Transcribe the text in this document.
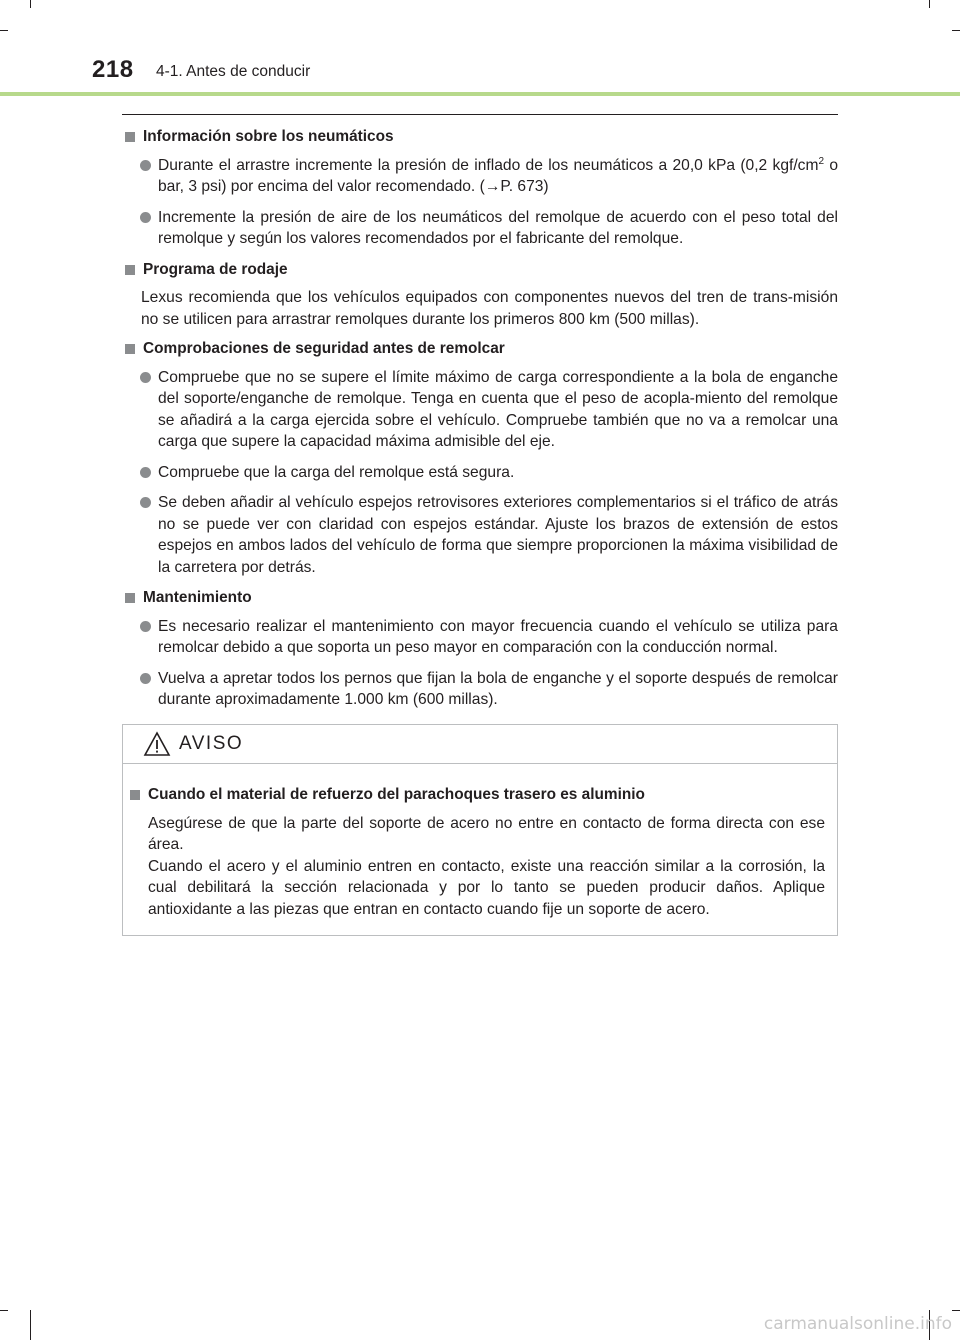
218 4-1. Antes de conducir
Información sobre los neumáticos
Durante el arrastre incremente la presión de inflado de los neumáticos a 20,0 kPa (0,2 kgf/$cm^2$ o bar, 3 psi) por encima del valor recomendado. (→P. 673)
Incremente la presión de aire de los neumáticos del remolque de acuerdo con el peso total del remolque y según los valores recomendados por el fabricante del remolque.
Programa de rodaje
Lexus recomienda que los vehículos equipados con componentes nuevos del tren de trans-misión no se utilicen para arrastrar remolques durante los primeros 800 km (500 millas).
Comprobaciones de seguridad antes de remolcar
Compruebe que no se supere el límite máximo de carga correspondiente a la bola de enganche del soporte/enganche de remolque. Tenga en cuenta que el peso de acopla-miento del remolque se añadirá a la carga ejercida sobre el vehículo. Compruebe también que no va a remolcar una carga que supere la capacidad máxima admisible del eje.
Compruebe que la carga del remolque está segura.
Se deben añadir al vehículo espejos retrovisores exteriores complementarios si el tráfico de atrás no se puede ver con claridad con espejos estándar. Ajuste los brazos de extensión de estos espejos en ambos lados del vehículo de forma que siempre proporcionen la máxima visibilidad de la carretera por detrás.
Mantenimiento
Es necesario realizar el mantenimiento con mayor frecuencia cuando el vehículo se utiliza para remolcar debido a que soporta un peso mayor en comparación con la conducción normal.
Vuelva a apretar todos los pernos que fijan la bola de enganche y el soporte después de remolcar durante aproximadamente 1.000 km (600 millas).
AVISO
Cuando el material de refuerzo del parachoques trasero es aluminio
Asegúrese de que la parte del soporte de acero no entre en contacto de forma directa con ese área.
Cuando el acero y el aluminio entren en contacto, existe una reacción similar a la corrosión, la cual debilitará la sección relacionada y por lo tanto se pueden producir daños. Aplique antioxidante a las piezas que entran en contacto cuando fije un soporte de acero.
carmanualsonline.info
